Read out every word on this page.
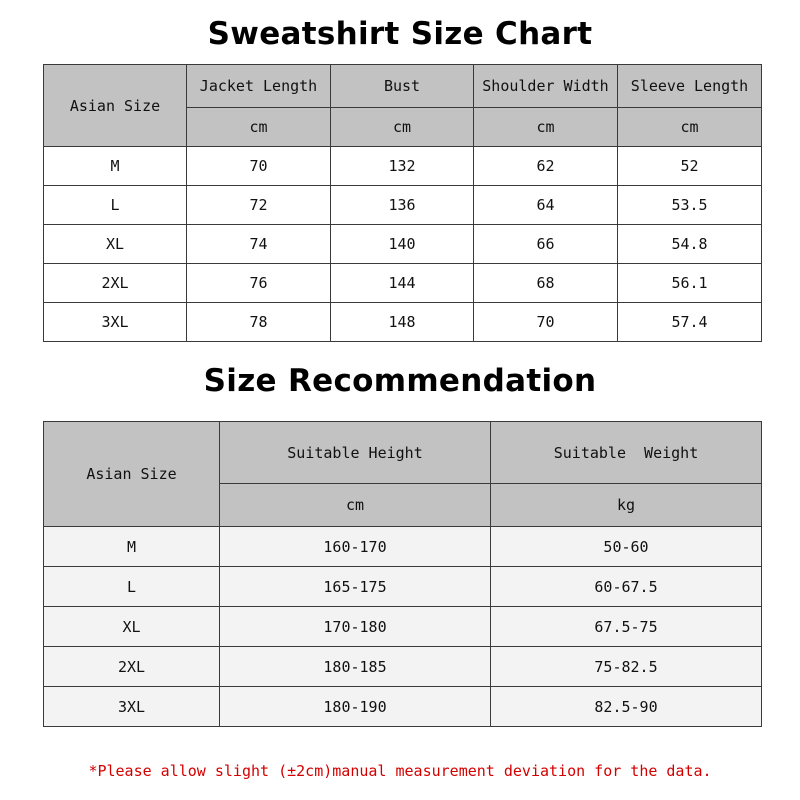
Sweatshirt Size Chart
Asian Size	Jacket Length	Bust	Shoulder Width	Sleeve Length
	cm	cm	cm	cm
M	70	132	62	52
L	72	136	64	53.5
XL	74	140	66	54.8
2XL	76	144	68	56.1
3XL	78	148	70	57.4
Size Recommendation
Asian Size	Suitable Height	Suitable  Weight
	cm	kg
M	160-170	50-60
L	165-175	60-67.5
XL	170-180	67.5-75
2XL	180-185	75-82.5
3XL	180-190	82.5-90
*Please allow slight (±2cm)manual measurement deviation for the data.
